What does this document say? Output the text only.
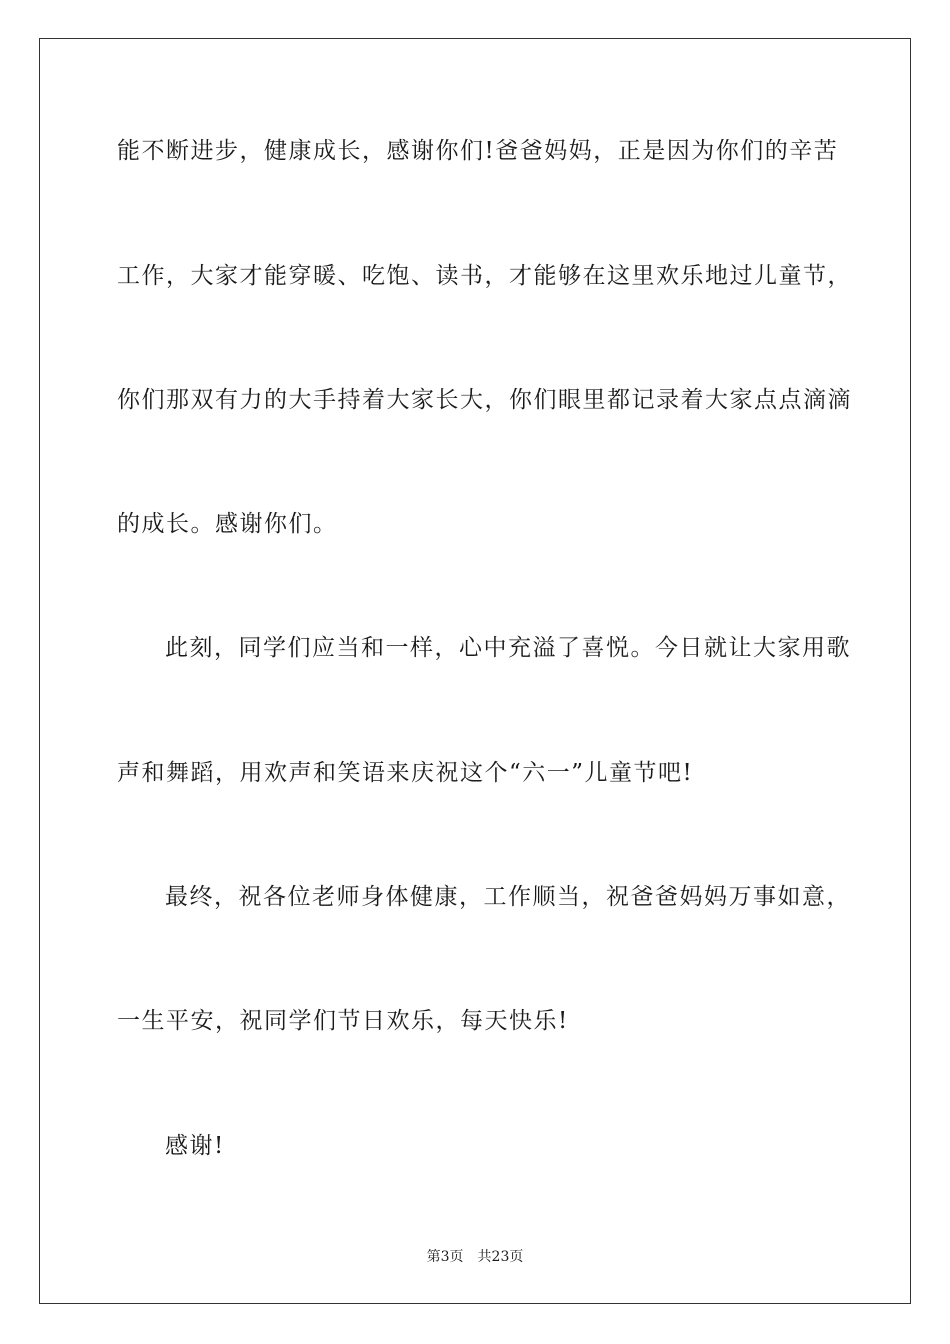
能不断进步，健康成长，感谢你们!爸爸妈妈，正是因为你们的辛苦
工作，大家才能穿暖、吃饱、读书，才能够在这里欢乐地过儿童节，
你们那双有力的大手持着大家长大，你们眼里都记录着大家点点滴滴
的成长。感谢你们。
此刻，同学们应当和一样，心中充溢了喜悦。今日就让大家用歌
声和舞蹈，用欢声和笑语来庆祝这个“六一”儿童节吧!
最终，祝各位老师身体健康，工作顺当，祝爸爸妈妈万事如意，
一生平安，祝同学们节日欢乐，每天快乐!
感谢!
第3页　共23页
